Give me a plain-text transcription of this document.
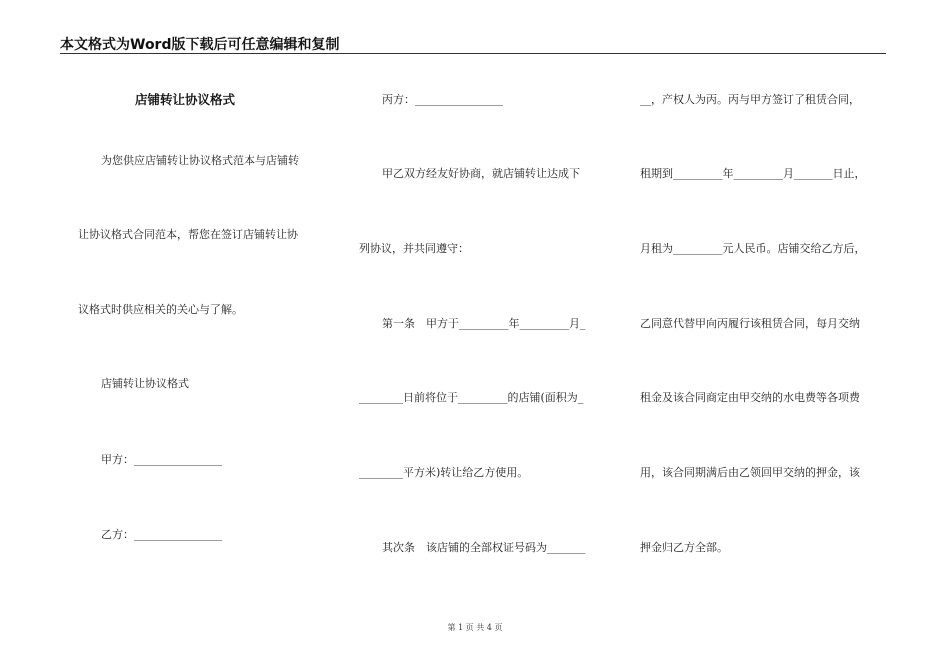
本文格式为Word版下载后可任意编辑和复制
店铺转让协议格式
为您供应店铺转让协议格式范本与店铺转
让协议格式合同范本，帮您在签订店铺转让协
议格式时供应相关的关心与了解。
店铺转让协议格式
甲方：________________
乙方：________________
丙方：________________
甲乙双方经友好协商，就店铺转让达成下
列协议，并共同遵守：
第一条　甲方于_________年_________月_
________日前将位于_________的店铺(面积为_
________平方米)转让给乙方使用。
其次条　该店铺的全部权证号码为_______
__，产权人为丙。丙与甲方签订了租赁合同，
租期到_________年_________月_______日止，
月租为_________元人民币。店铺交给乙方后，
乙同意代替甲向丙履行该租赁合同，每月交纳
租金及该合同商定由甲交纳的水电费等各项费
用，该合同期满后由乙领回甲交纳的押金，该
押金归乙方全部。
第 1 页 共 4 页
